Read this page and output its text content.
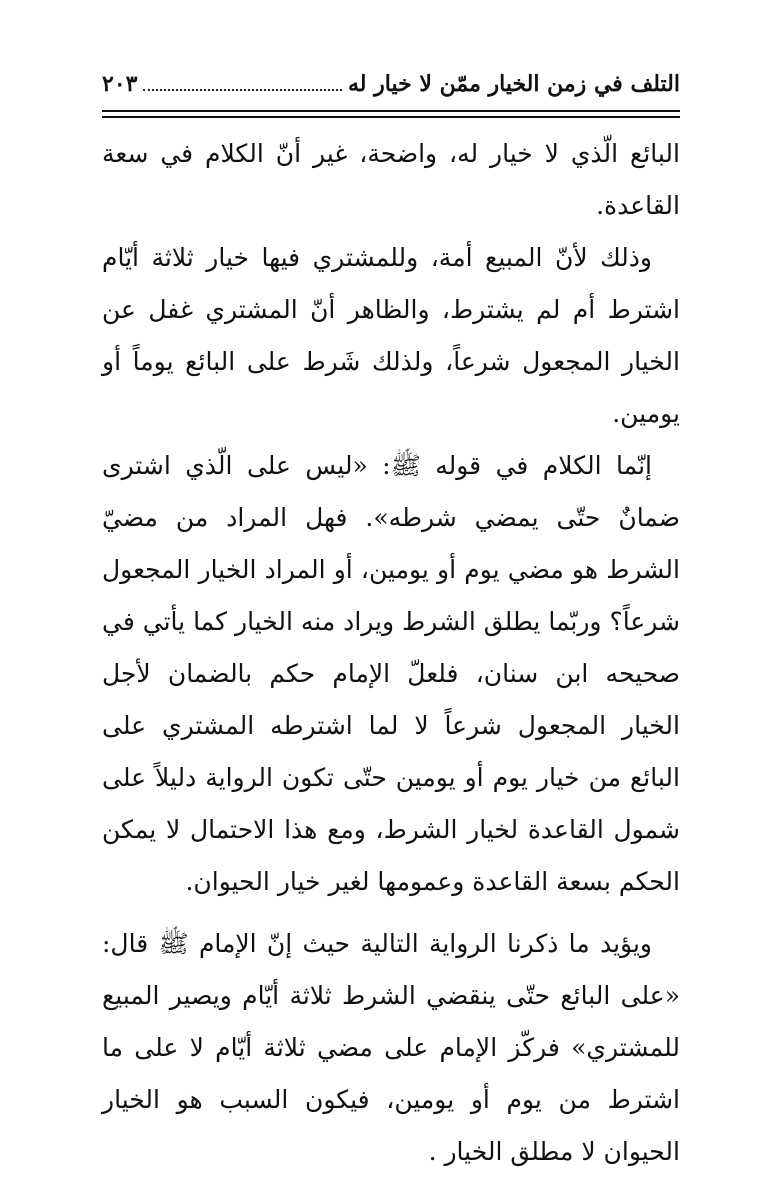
التلف في زمن الخيار ممّن لا خيار له
٢٠٣

البائع الّذي لا خيار له، واضحة، غير أنّ الكلام في سعة القاعدة.

وذلك لأنّ المبيع أمة، وللمشتري فيها خيار ثلاثة أيّام اشترط أم لم يشترط، والظاهر أنّ المشتري غفل عن الخيار المجعول شرعاً، ولذلك شَرط على البائع يوماً أو يومين.

إنّما الكلام في قوله ﷺ: «ليس على الّذي اشترى ضمانٌ حتّى يمضي شرطه». فهل المراد من مضيّ الشرط هو مضي يوم أو يومين، أو المراد الخيار المجعول شرعاً؟ وربّما يطلق الشرط ويراد منه الخيار كما يأتي في صحيحه ابن سنان، فلعلّ الإمام حكم بالضمان لأجل الخيار المجعول شرعاً لا لما اشترطه المشتري على البائع من خيار يوم أو يومين حتّى تكون الرواية دليلاً على شمول القاعدة لخيار الشرط، ومع هذا الاحتمال لا يمكن الحكم بسعة القاعدة وعمومها لغير خيار الحيوان.

ويؤيد ما ذكرنا الرواية التالية حيث إنّ الإمام ﷺ قال: «على البائع حتّى ينقضي الشرط ثلاثة أيّام ويصير المبيع للمشتري» فركّز الإمام على مضي ثلاثة أيّام لا على ما اشترط من يوم أو يومين، فيكون السبب هو الخيار الحيوان لا مطلق الخيار .
